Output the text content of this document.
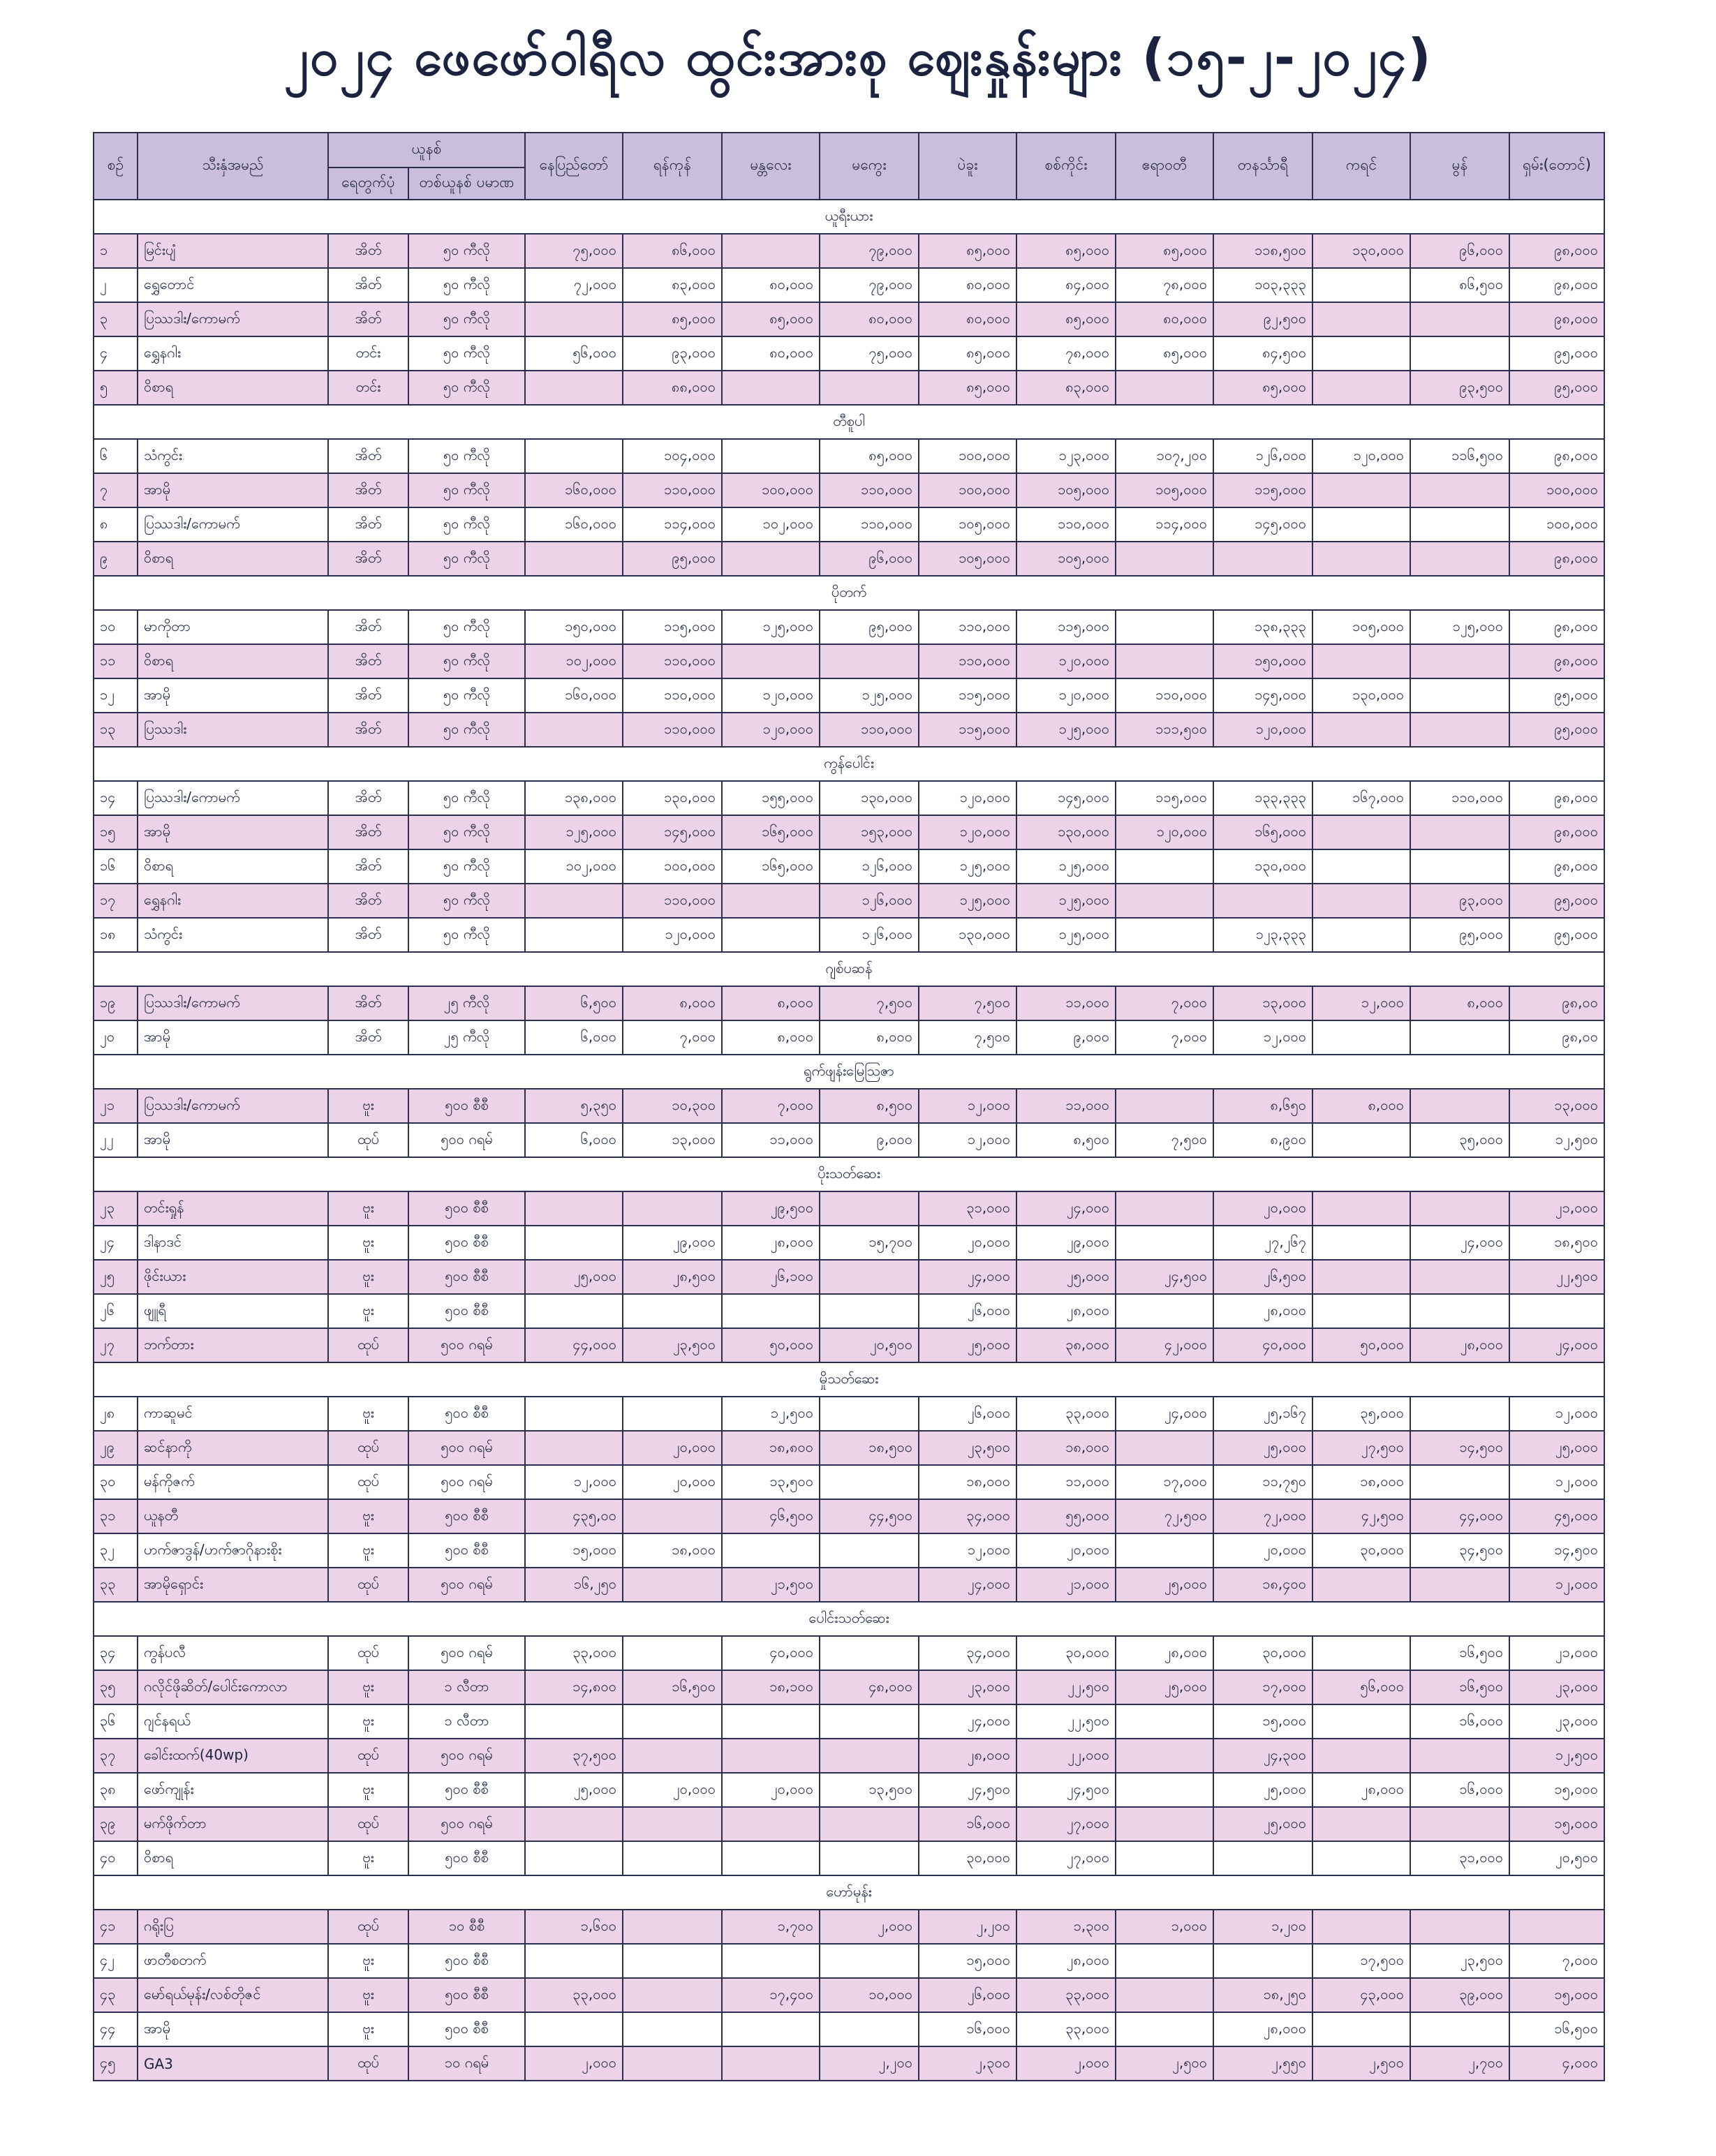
၂၀၂၄ ဖေဖော်ဝါရီလ ထွင်းအားစု ဈေးနှုန်းများ (၁၅-၂-၂၀၂၄)
စဉ်	သီးနှံအမည်	ယူနစ်		နေပြည်တော်	ရန်ကုန်	မန္တလေး	မကွေး	ပဲခူး	စစ်ကိုင်း	ဧရာဝတီ	တနင်္သာရီ	ကရင်	မွန်	ရှမ်း(တောင်)
		ရေတွက်ပုံ	တစ်ယူနစ် ပမာဏ											
ယူရီးယား														
၁	မြင်းပျံ	အိတ်	၅၀ ကီလို	၇၅,၀၀၀	၈၆,၀၀၀		၇၉,၀၀၀	၈၅,၀၀၀	၈၅,၀၀၀	၈၅,၀၀၀	၁၁၈,၅၀၀	၁၃၀,၀၀၀	၉၆,၀၀၀	၉၈,၀၀၀
၂	ရွှေတောင်	အိတ်	၅၀ ကီလို	၇၂,၀၀၀	၈၃,၀၀၀	၈၀,၀၀၀	၇၉,၀၀၀	၈၀,၀၀၀	၈၄,၀၀၀	၇၈,၀၀၀	၁၀၃,၃၃၃		၈၆,၅၀၀	၉၈,၀၀၀
၃	ပြဿဒါး/ကောမက်	အိတ်	၅၀ ကီလို		၈၅,၀၀၀	၈၅,၀၀၀	၈၀,၀၀၀	၈၀,၀၀၀	၈၅,၀၀၀	၈၀,၀၀၀	၉၂,၅၀၀			၉၈,၀၀၀
၄	ရွှေနဂါး	တင်း	၅၀ ကီလို	၅၆,၀၀၀	၉၃,၀၀၀	၈၀,၀၀၀	၇၅,၀၀၀	၈၅,၀၀၀	၇၈,၀၀၀	၈၅,၀၀၀	၈၄,၅၀၀			၉၅,၀၀၀
၅	ဝိစာရ	တင်း	၅၀ ကီလို		၈၈,၀၀၀			၈၅,၀၀၀	၈၃,၀၀၀		၈၅,၀၀၀		၉၃,၅၀၀	၉၅,၀၀၀
တီစူပါ														
၆	သံကွင်း	အိတ်	၅၀ ကီလို		၁၀၄,၀၀၀		၈၅,၀၀၀	၁၀၀,၀၀၀	၁၂၃,၀၀၀	၁၀၇,၂၀၀	၁၂၆,၀၀၀	၁၂၀,၀၀၀	၁၁၆,၅၀၀	၉၈,၀၀၀
၇	အာမို	အိတ်	၅၀ ကီလို	၁၆၀,၀၀၀	၁၁၀,၀၀၀	၁၀၀,၀၀၀	၁၁၀,၀၀၀	၁၀၀,၀၀၀	၁၀၅,၀၀၀	၁၀၅,၀၀၀	၁၁၅,၀၀၀			၁၀၀,၀၀၀
၈	ပြဿဒါး/ကောမက်	အိတ်	၅၀ ကီလို	၁၆၀,၀၀၀	၁၁၄,၀၀၀	၁၀၂,၀၀၀	၁၁၀,၀၀၀	၁၀၅,၀၀၀	၁၁၀,၀၀၀	၁၁၄,၀၀၀	၁၄၅,၀၀၀			၁၀၀,၀၀၀
၉	ဝိစာရ	အိတ်	၅၀ ကီလို		၉၅,၀၀၀		၉၆,၀၀၀	၁၀၅,၀၀၀	၁၀၅,၀၀၀					၉၈,၀၀၀
ပိုတက်														
၁၀	မာကိုတာ	အိတ်	၅၀ ကီလို	၁၅၀,၀၀၀	၁၁၅,၀၀၀	၁၂၅,၀၀၀	၉၅,၀၀၀	၁၁၀,၀၀၀	၁၁၅,၀၀၀		၁၃၈,၃၃၃	၁၀၅,၀၀၀	၁၂၅,၀၀၀	၉၈,၀၀၀
၁၁	ဝိစာရ	အိတ်	၅၀ ကီလို	၁၀၂,၀၀၀	၁၁၀,၀၀၀			၁၁၀,၀၀၀	၁၂၀,၀၀၀		၁၅၀,၀၀၀			၉၈,၀၀၀
၁၂	အာမို	အိတ်	၅၀ ကီလို	၁၆၀,၀၀၀	၁၁၀,၀၀၀	၁၂၀,၀၀၀	၁၂၅,၀၀၀	၁၁၅,၀၀၀	၁၂၀,၀၀၀	၁၁၀,၀၀၀	၁၄၅,၀၀၀	၁၃၀,၀၀၀		၉၅,၀၀၀
၁၃	ပြဿဒါး	အိတ်	၅၀ ကီလို		၁၁၀,၀၀၀	၁၂၀,၀၀၀	၁၁၀,၀၀၀	၁၁၅,၀၀၀	၁၂၅,၀၀၀	၁၁၁,၅၀၀	၁၂၀,၀၀၀			၉၅,၀၀၀
ကွန်ပေါင်း														
၁၄	ပြဿဒါး/ကောမက်	အိတ်	၅၀ ကီလို	၁၃၈,၀၀၀	၁၃၀,၀၀၀	၁၅၅,၀၀၀	၁၃၀,၀၀၀	၁၂၀,၀၀၀	၁၄၅,၀၀၀	၁၁၅,၀၀၀	၁၃၃,၃၃၃	၁၆၇,၀၀၀	၁၁၀,၀၀၀	၉၈,၀၀၀
၁၅	အာမို	အိတ်	၅၀ ကီလို	၁၂၅,၀၀၀	၁၄၅,၀၀၀	၁၆၅,၀၀၀	၁၅၃,၀၀၀	၁၂၀,၀၀၀	၁၃၀,၀၀၀	၁၂၀,၀၀၀	၁၆၅,၀၀၀			၉၈,၀၀၀
၁၆	ဝိစာရ	အိတ်	၅၀ ကီလို	၁၀၂,၀၀၀	၁၀၀,၀၀၀	၁၆၅,၀၀၀	၁၂၆,၀၀၀	၁၂၅,၀၀၀	၁၂၅,၀၀၀		၁၃၀,၀၀၀			၉၈,၀၀၀
၁၇	ရွှေနဂါး	အိတ်	၅၀ ကီလို		၁၁၀,၀၀၀		၁၂၆,၀၀၀	၁၂၅,၀၀၀	၁၂၅,၀၀၀				၉၃,၀၀၀	၉၅,၀၀၀
၁၈	သံကွင်း	အိတ်	၅၀ ကီလို		၁၂၀,၀၀၀		၁၂၆,၀၀၀	၁၃၀,၀၀၀	၁၂၅,၀၀၀		၁၂၃,၃၃၃		၉၅,၀၀၀	၉၅,၀၀၀
ဂျစ်ပဆန်														
၁၉	ပြဿဒါး/ကောမက်	အိတ်	၂၅ ကီလို	၆,၅၀၀	၈,၀၀၀	၈,၀၀၀	၇,၅၀၀	၇,၅၀၀	၁၁,၀၀၀	၇,၀၀၀	၁၃,၀၀၀	၁၂,၀၀၀	၈,၀၀၀	၉၈,၀၀
၂၀	အာမို	အိတ်	၂၅ ကီလို	၆,၀၀၀	၇,၀၀၀	၈,၀၀၀	၈,၀၀၀	၇,၅၀၀	၉,၀၀၀	၇,၀၀၀	၁၂,၀၀၀			၉၈,၀၀
ရွက်ဖျန်းမြေဩဇာ														
၂၁	ပြဿဒါး/ကောမက်	ဗူး	၅၀၀ စီစီ	၅,၃၅၀	၁၀,၃၀၀	၇,၀၀၀	၈,၅၀၀	၁၂,၀၀၀	၁၁,၀၀၀		၈,၆၅၀	၈,၀၀၀		၁၃,၀၀၀
၂၂	အာမို	ထုပ်	၅၀၀ ဂရမ်	၆,၀၀၀	၁၃,၀၀၀	၁၁,၀၀၀	၉,၀၀၀	၁၂,၀၀၀	၈,၅၀၀	၇,၅၀၀	၈,၉၀၀		၃၅,၀၀၀	၁၂,၅၀၀
ပိုးသတ်ဆေး														
၂၃	တင်းရှုန်	ဗူး	၅၀၀ စီစီ			၂၉,၅၀၀		၃၁,၀၀၀	၂၄,၀၀၀		၂၀,၀၀၀			၂၁,၀၀၀
၂၄	ဒါနာဒင်	ဗူး	၅၀၀ စီစီ		၂၉,၀၀၀	၂၈,၀၀၀	၁၅,၇၀၀	၂၀,၀၀၀	၂၉,၀၀၀		၂၇,၂၆၇		၂၄,၀၀၀	၁၈,၅၀၀
၂၅	ဖိုင်းယား	ဗူး	၅၀၀ စီစီ	၂၅,၀၀၀	၂၈,၅၀၀	၂၆,၁၀၀		၂၄,၀၀၀	၂၅,၀၀၀	၂၄,၅၀၀	၂၆,၅၀၀			၂၂,၅၀၀
၂၆	ဖျူရီ	ဗူး	၅၀၀ စီစီ					၂၆,၀၀၀	၂၈,၀၀၀		၂၈,၀၀၀			
၂၇	ဘက်တား	ထုပ်	၅၀၀ ဂရမ်	၄၄,၀၀၀	၂၃,၅၀၀	၅၀,၀၀၀	၂၀,၅၀၀	၂၅,၀၀၀	၃၈,၀၀၀	၄၂,၀၀၀	၄၀,၀၀၀	၅၀,၀၀၀	၂၈,၀၀၀	၂၄,၀၀၀
မှိုသတ်ဆေး														
၂၈	ကာဆူမင်	ဗူး	၅၀၀ စီစီ			၁၂,၅၀၀		၂၆,၀၀၀	၃၃,၀၀၀	၂၄,၀၀၀	၂၅,၁၆၇	၃၅,၀၀၀		၁၂,၀၀၀
၂၉	ဆင်နာကို	ထုပ်	၅၀၀ ဂရမ်		၂၀,၀၀၀	၁၈,၈၀၀	၁၈,၅၀၀	၂၃,၅၀၀	၁၈,၀၀၀		၂၅,၀၀၀	၂၇,၅၀၀	၁၄,၅၀၀	၂၅,၀၀၀
၃၀	မန်ကိုဇက်	ထုပ်	၅၀၀ ဂရမ်	၁၂,၀၀၀	၂၀,၀၀၀	၁၃,၅၀၀		၁၈,၀၀၀	၁၁,၀၀၀	၁၇,၀၀၀	၁၁,၇၅၀	၁၈,၀၀၀		၁၂,၀၀၀
၃၁	ယူနတီ	ဗူး	၅၀၀ စီစီ	၄၃၅,၀၀		၄၆,၅၀၀	၄၄,၅၀၀	၃၄,၀၀၀	၅၅,၀၀၀	၇၂,၅၀၀	၇၂,၀၀၀	၄၂,၅၀၀	၄၄,၀၀၀	၄၅,၀၀၀
၃၂	ဟက်ဇာဒွန်/ဟက်ဇာဂိုနားစိုး	ဗူး	၅၀၀ စီစီ	၁၅,၀၀၀	၁၈,၀၀၀			၁၂,၀၀၀	၂၀,၀၀၀		၂၀,၀၀၀	၃၀,၀၀၀	၃၄,၅၀၀	၁၄,၅၀၀
၃၃	အာမိုရှောင်း	ထုပ်	၅၀၀ ဂရမ်	၁၆,၂၅၀		၂၁,၅၀၀		၂၄,၀၀၀	၂၁,၀၀၀	၂၅,၀၀၀	၁၈,၄၀၀			၁၂,၀၀၀
ပေါင်းသတ်ဆေး														
၃၄	ကွန်ပလီ	ထုပ်	၅၀၀ ဂရမ်	၃၃,၀၀၀		၄၀,၀၀၀		၃၄,၀၀၀	၃၀,၀၀၀	၂၈,၀၀၀	၃၀,၀၀၀		၁၆,၅၀၀	၂၁,၀၀၀
၃၅	ဂလိုင်ဖိုဆိတ်/ပေါင်းကောလာ	ဗူး	၁ လီတာ	၁၄,၈၀၀	၁၆,၅၀၀	၁၈,၁၀၀	၄၈,၀၀၀	၂၃,၀၀၀	၂၂,၅၀၀	၂၅,၀၀၀	၁၇,၀၀၀	၅၆,၀၀၀	၁၆,၅၀၀	၂၃,၀၀၀
၃၆	ဂျင်နရယ်	ဗူး	၁ လီတာ					၂၄,၀၀၀	၂၂,၅၀၀		၁၅,၀၀၀		၁၆,၀၀၀	၂၃,၀၀၀
၃၇	ခေါင်းထက်(40wp)	ထုပ်	၅၀၀ ဂရမ်	၃၇,၅၀၀				၂၈,၀၀၀	၂၂,၀၀၀		၂၄,၃၀၀			၁၂,၅၀၀
၃၈	ဖော်ကျုန်း	ဗူး	၅၀၀ စီစီ	၂၅,၀၀၀	၂၀,၀၀၀	၂၀,၀၀၀	၁၃,၅၀၀	၂၄,၅၀၀	၂၄,၅၀၀		၂၅,၀၀၀	၂၈,၀၀၀	၁၆,၀၀၀	၁၅,၀၀၀
၃၉	မက်ဖိုက်တာ	ထုပ်	၅၀၀ ဂရမ်					၁၆,၀၀၀	၂၇,၀၀၀		၂၅,၀၀၀			၁၅,၀၀၀
၄၀	ဝိစာရ	ဗူး	၅၀၀ စီစီ					၃၀,၀၀၀	၂၇,၀၀၀				၃၁,၀၀၀	၂၀,၅၀၀
ဟော်မုန်း														
၄၁	ဂရိုးပြ	ထုပ်	၁၀ စီစီ	၁,၆၀၀		၁,၇၀၀	၂,၀၀၀	၂,၂၀၀	၁,၃၀၀	၁,၀၀၀	၁,၂၀၀			
၄၂	ဖာတီစတက်	ဗူး	၅၀၀ စီစီ					၁၅,၀၀၀	၂၈,၀၀၀			၁၇,၅၀၀	၂၃,၅၀၀	၇,၀၀၀
၄၃	မော်ရယ်မုန်း/လစ်တိုဇင်	ဗူး	၅၀၀ စီစီ	၃၃,၀၀၀		၁၇,၄၀၀	၁၀,၀၀၀	၂၆,၀၀၀	၃၃,၀၀၀		၁၈,၂၅၀	၄၃,၀၀၀	၃၉,၀၀၀	၁၅,၀၀၀
၄၄	အာမို	ဗူး	၅၀၀ စီစီ					၁၆,၀၀၀	၃၃,၀၀၀		၂၈,၀၀၀			၁၆,၅၀၀
၄၅	GA3	ထုပ်	၁၀ ဂရမ်	၂,၀၀၀			၂,၂၀၀	၂,၃၀၀	၂,၀၀၀	၂,၅၀၀	၂,၅၅၀	၂,၅၀၀	၂,၇၀၀	၄,၀၀၀
